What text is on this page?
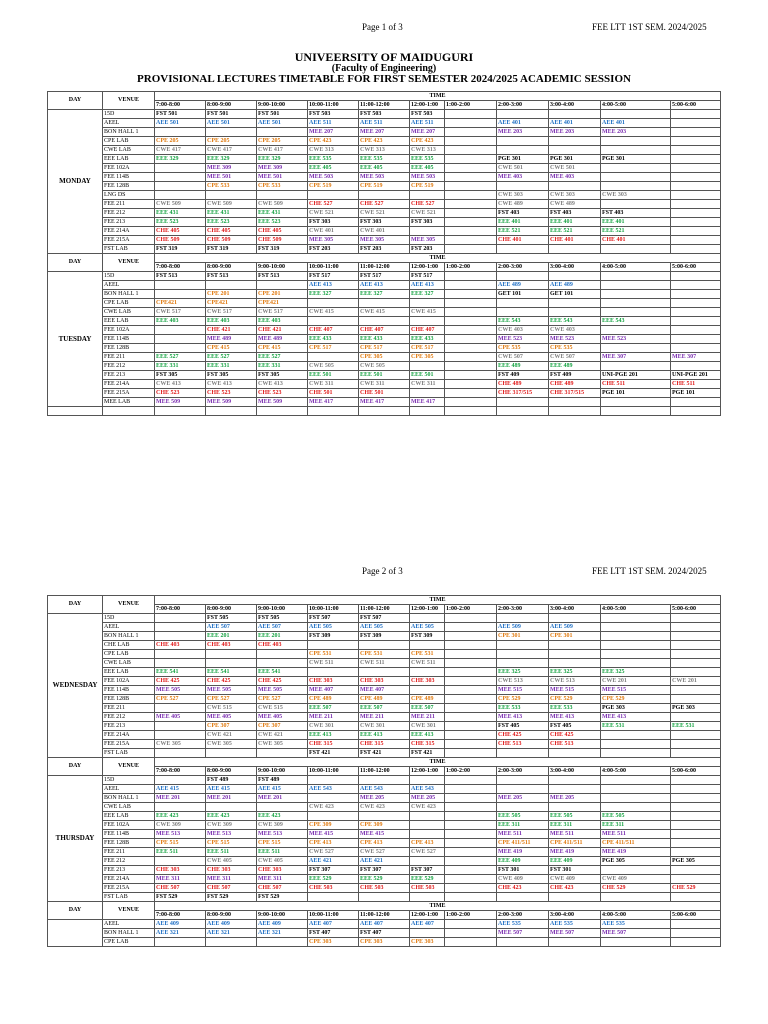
Page 1 of 3	FEE LTT 1ST SEM. 2024/2025
UNIVEERSITY OF MAIDUGURI
(Faculty of Engineering)
PROVISIONAL LECTURES TIMETABLE FOR FIRST SEMESTER 2024/2025 ACADEMIC SESSION
DAY	VENUE	TIME										
		7:00-8:00	8:00-9:00	9:00-10:00	10:00-11:00	11:00-12:00	12:00-1:00	1:00-2:00	2:00-3:00	3:00-4:00	4:00-5:00	5:00-6:00
MONDAY	15D	FST 501	FST 501	FST 501	FST 503	FST 503	FST 503					
	AEEL	AEE 501	AEE 501	AEE 501	AEE 511	AEE 511	AEE 511		AEE 401	AEE 401	AEE 401	
	BON HALL 1				MEE 207	MEE 207	MEE 207		MEE 203	MEE 203	MEE 203	
	CPE LAB	CPE 205	CPE 205	CPE 205	CPE 423	CPE 423	CPE 423					
	CWE LAB	CWE 417	CWE 417	CWE 417	CWE 313	CWE 313	CWE 313					
	EEE LAB	EEE 329	EEE 329	EEE 329	EEE 535	EEE 535	EEE 535		PGE 301	PGE 301	PGE 301	
	FEE 102A		MEE 309	MEE 309	EEE 405	EEE 405	EEE 405		CWE 501	CWE 501		
	FEE 114B		MEE 501	MEE 501	MEE 503	MEE 503	MEE 503		MEE 403	MEE 403		
	FEE 128B		CPE 533	CPE 533	CPE 519	CPE 519	CPE 519					
	LNG DS								CWE 303	CWE 303	CWE 303	
	FEE 211	CWE 509	CWE 509	CWE 509	CHE 527	CHE 527	CHE 527		CWE 489	CWE 489		
	FEE 212	EEE 431	EEE 431	EEE 431	CWE 521	CWE 521	CWE 521		FST 403	FST 403	FST 403	
	FEE 213	EEE 523	EEE 523	EEE 523	FST 303	FST 303	FST 303		EEE 401	EEE 401	EEE 401	
	FEE 214A	CHE 405	CHE 405	CHE 405	CWE 401	CWE 401			EEE 521	EEE 521	EEE 521	
	FEE 215A	CHE 509	CHE 509	CHE 509	MEE 305	MEE 305	MEE 305		CHE 401	CHE 401	CHE 401	
	FST LAB	FST 319	FST 319	FST 319	FST 203	FST 203	FST 203					
DAY	VENUE	TIME										
		7:00-8:00	8:00-9:00	9:00-10:00	10:00-11:00	11:00-12:00	12:00-1:00	1:00-2:00	2:00-3:00	3:00-4:00	4:00-5:00	5:00-6:00
TUESDAY	15D	FST 513	FST 513	FST 513	FST 517	FST 517	FST 517					
	AEEL				AEE 413	AEE 413	AEE 413		AEE 489	AEE 489		
	BON HALL 1		CPE 201	CPE 201	EEE 327	EEE 327	EEE 327		GET 101	GET 101		
	CPE LAB	CPE421	CPE421	CPE421								
	CWE LAB	CWE 517	CWE 517	CWE 517	CWE 415	CWE 415	CWE 415					
	EEE LAB	EEE 403	EEE 403	EEE 403					EEE 543	EEE 543	EEE 543	
	FEE 102A		CHE 421	CHE 421	CHE 407	CHE 407	CHE 407		CWE 403	CWE 403		
	FEE 114B		MEE 489	MEE 489	EEE 433	EEE 433	EEE 433		MEE 523	MEE 523	MEE 523	
	FEE 128B		CPE 415	CPE 415	CPE 517	CPE 517	CPE 517		CPE 535	CPE 535		
	FEE 211	EEE 527	EEE 527	EEE 527		CPE 305	CPE 305		CWE 507	CWE 507	MEE 307	MEE 307
	FEE 212	EEE 331	EEE 331	EEE 331	CWE 505	CWE 505			EEE 489	EEE 489		
	FEE 213	FST 305	FST 305	FST 305	EEE 501	EEE 501	EEE 501		FST 409	FST 409	UNI-PGE 201	UNI-PGE 201
	FEE 214A	CWE 413	CWE 413	CWE 413	CWE 311	CWE 311	CWE 311		CHE 489	CHE 489	CHE 511	CHE 511
	FEE 215A	CHE 523	CHE 523	CHE 523	CHE 501	CHE 501			CHE 317/515	CHE 317/515	PGE 101	PGE 101
	MEE LAB	MEE 509	MEE 509	MEE 509	MEE 417	MEE 417	MEE 417					

Page 2 of 3	FEE LTT 1ST SEM. 2024/2025
DAY	VENUE	TIME										
		7:00-8:00	8:00-9:00	9:00-10:00	10:00-11:00	11:00-12:00	12:00-1:00	1:00-2:00	2:00-3:00	3:00-4:00	4:00-5:00	5:00-6:00
WEDNESDAY	15D		FST 505	FST 505	FST 507	FST 507						
	AEEL		AEE 507	AEE 507	AEE 505	AEE 505	AEE 505		AEE 509	AEE 509		
	BON HALL 1		EEE 201	EEE 201	FST 309	FST 309	FST 309		CPE 301	CPE 301		
	CHE LAB	CHE 403	CHE 403	CHE 403								
	CPE LAB				CPE 531	CPE 531	CPE 531					
	CWE LAB				CWE 511	CWE 511	CWE 511					
	EEE LAB	EEE 541	EEE 541	EEE 541					EEE 325	EEE 325	EEE 325	
	FEE 102A	CHE 425	CHE 425	CHE 425	CHE 303	CHE 303	CHE 303		CWE 513	CWE 513	CWE 201	CWE 201
	FEE 114B	MEE 505	MEE 505	MEE 505	MEE 407	MEE 407			MEE 515	MEE 515	MEE 515	
	FEE 128B	CPE 527	CPE 527	CPE 527	CPE 489	CPE 489	CPE 489		CPE 529	CPE 529	CPE 529	
	FEE 211		CWE 515	CWE 515	EEE 507	EEE 507	EEE 507		EEE 533	EEE 533	PGE 303	PGE 303
	FEE 212	MEE 405	MEE 405	MEE 405	MEE 211	MEE 211	MEE 211		MEE 413	MEE 413	MEE 413	
	FEE 213		CPE 307	CPE 307	CWE 301	CWE 301	CWE 301		FST 405	FST 405	EEE 531	EEE 531
	FEE 214A		CWE 421	CWE 421	EEE 413	EEE 413	EEE 413		CHE 425	CHE 425		
	FEE 215A	CWE 305	CWE 305	CWE 305	CHE 315	CHE 315	CHE 315		CHE 513	CHE 513		
	FST LAB				FST 421	FST 421	FST 421					
DAY	VENUE	TIME										
		7:00-8:00	8:00-9:00	9:00-10:00	10:00-11:00	11:00-12:00	12:00-1:00	1:00-2:00	2:00-3:00	3:00-4:00	4:00-5:00	5:00-6:00
THURSDAY	15D		FST 489	FST 489								
	AEEL	AEE 415	AEE 415	AEE 415	AEE 543	AEE 543	AEE 543					
	BON HALL 1	MEE 201	MEE 201	MEE 201		MEE 205	MEE 205		MEE 205	MEE 205		
	CWE LAB				CWE 423	CWE 423	CWE 423					
	EEE LAB	EEE 423	EEE 423	EEE 423					EEE 505	EEE 505	EEE 505	
	FEE 102A	CWE 309	CWE 309	CWE 309	CPE 309	CPE 309			EEE 311	EEE 311	EEE 311	
	FEE 114B	MEE 513	MEE 513	MEE 513	MEE 415	MEE 415			MEE 511	MEE 511	MEE 511	
	FEE 128B	CPE 515	CPE 515	CPE 515	CPE 413	CPE 413	CPE 413		CPE 411/511	CPE 411/511	CPE 411/511	
	FEE 211	EEE 511	EEE 511	EEE 511	CWE 527	CWE 527	CWE 527		MEE 419	MEE 419	MEE 419	
	FEE 212		CWE 405	CWE 405	AEE 421	AEE 421			EEE 409	EEE 409	PGE 305	PGE 305
	FEE 213	CHE 303	CHE 303	CHE 303	FST 307	FST 307	FST 307		FST 301	FST 301		
	FEE 214A	MEE 311	MEE 311	MEE 311	EEE 529	EEE 529	EEE 529		CWE 409	CWE 409	CWE 409	
	FEE 215A	CHE 507	CHE 507	CHE 507	CHE 503	CHE 503	CHE 503		CHE 423	CHE 423	CHE 529	CHE 529
	FST LAB	FST 529	FST 529	FST 529								
DAY	VENUE	TIME										
		7:00-8:00	8:00-9:00	9:00-10:00	10:00-11:00	11:00-12:00	12:00-1:00	1:00-2:00	2:00-3:00	3:00-4:00	4:00-5:00	5:00-6:00
	AEEL	AEE 409	AEE 409	AEE 409	AEE 407	AEE 407	AEE 407		AEE 535	AEE 535	AEE 535	
	BON HALL 1	AEE 321	AEE 321	AEE 321	FST 407	FST 407			MEE 507	MEE 507	MEE 507	
	CPE LAB				CPE 303	CPE 303	CPE 303					
